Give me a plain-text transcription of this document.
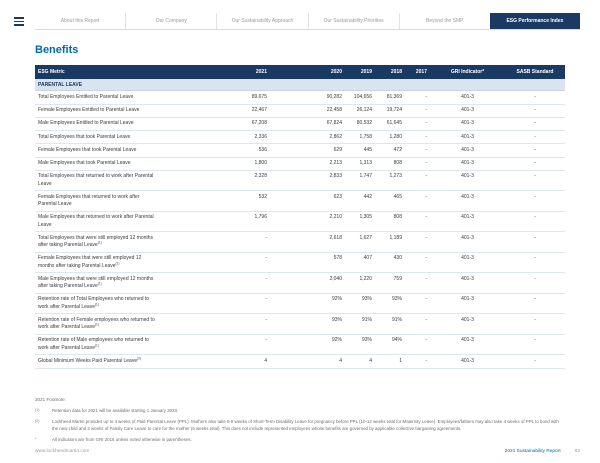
About this Report	Our Company	Our Sustainability Approach	Our Sustainability Priorities	Beyond the SMP	ESG Performance Index
Benefits
ESG Metric	2021	2020	2019	2018	2017	GRI Indicator*	SASB Standard
PARENTAL LEAVE
Total Employees Entitled to Parental Leave	89,675	90,282	104,656	81,369	-	401-3	-
Female Employees Entitled to Parental Leave	22,467	22,458	26,124	19,724	-	401-3	-
Male Employees Entitled to Parental Leave	67,208	67,824	80,532	61,645	-	401-3	-
Total Employees that took Parental Leave	2,336	2,862	1,758	1,280	-	401-3	-
Female Employees that took Parental Leave	536	629	445	472	-	401-3	-
Male Employees that took Parental Leave	1,800	2,213	1,313	808	-	401-3	-
Total Employees that returned to work after Parental Leave
2,328	2,833	1,747	1,273	-	401-3	-
Female Employees that returned to work after Parental Leave
532	623	442	465	-	401-3	-
Male Employees that returned to work after Parental Leave
1,796	2,210	1,305	808	-	401-3	-
Total Employees that were still employed 12 months after taking Parental Leave$^{(1)}$
-	2,618	1,627	1,189	-	401-3	-
Female Employees that were still employed 12 months after taking Parental Leave$^{(1)}$
-	578	407	430	-	401-3	-
Male Employees that were still employed 12 months after taking Parental Leave$^{(1)}$
-	2,040	1,220	759	-	401-3	-
Retention rate of Total Employees who returned to work after Parental Leave$^{(1)}$
-	92%	93%	93%	-	401-3	-
Retention rate of Female employees who returned to work after Parental Leave$^{(1)}$
-	93%	91%	91%	-	401-3	-
Retention rate of Male employees who returned to work after Parental Leave$^{(1)}$
-	92%	93%	94%	-	401-3	-
Global Minimum Weeks Paid Parental Leave$^{(2)}$	4	4	4	1	-	401-3	-
2021 Footnote:
(1)	Retention data for 2021 will be available starting 1 January 2023.
(2)	Lockheed Martin provides up to 4 weeks of Paid Parental Leave (PPL). Mothers also take 6-8 weeks of Short-Term Disability Leave for pregnancy before PPL (10-12 weeks total for Maternity Leave). Employees/fathers may also take 4 weeks of PPL to bond with the new child and 2 weeks of Family Care Leave to care for the mother (6 weeks total). This does not include represented employees whose benefits are governed by applicable collective bargaining agreements.
*	All indicators are from GRI 2016 unless noted otherwise in parentheses.
www.lockheedmartin.com	2021 Sustainability Report	62
